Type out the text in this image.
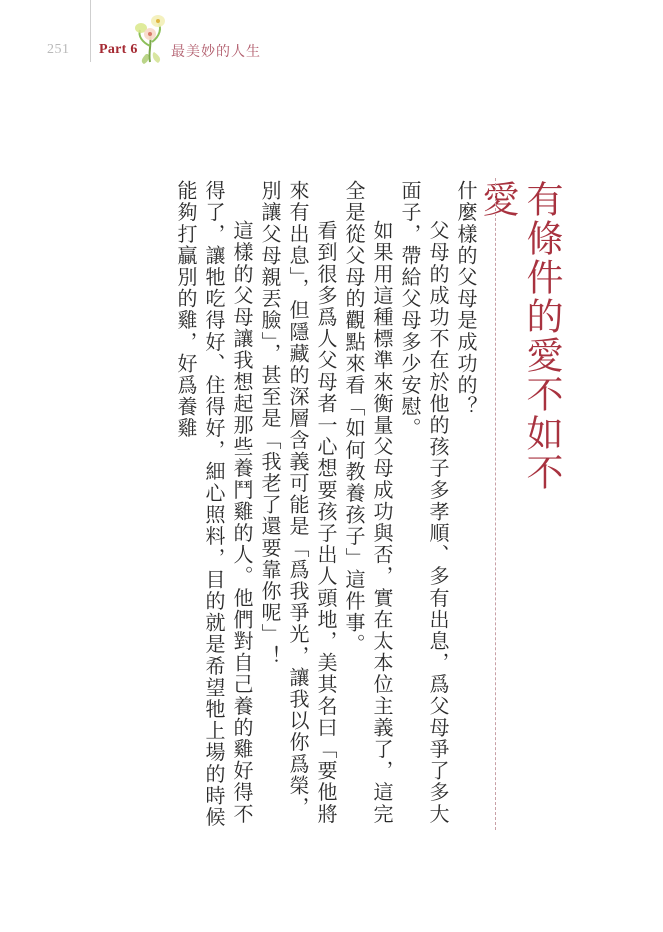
251 Part 6 最美妙的人生
有條件的愛不如不愛

什麼樣的父母是成功的？

父母的成功不在於他的孩子多孝順、多有出息，爲父母爭了多大面子，帶給父母多少安慰。

如果用這種標準來衡量父母成功與否，實在太本位主義了，這完全是從父母的觀點來看「如何教養孩子」這件事。

看到很多爲人父母者一心想要孩子出人頭地，美其名曰「要他將來有出息」，但隱藏的深層含義可能是「爲我爭光，讓我以你爲榮，別讓父母親丟臉」，甚至是「我老了還要靠你呢」！

這樣的父母讓我想起那些養鬥雞的人。他們對自己養的雞好得不得了，讓牠吃得好、住得好，細心照料，目的就是希望牠上場的時候能夠打贏別的雞，好爲養雞
